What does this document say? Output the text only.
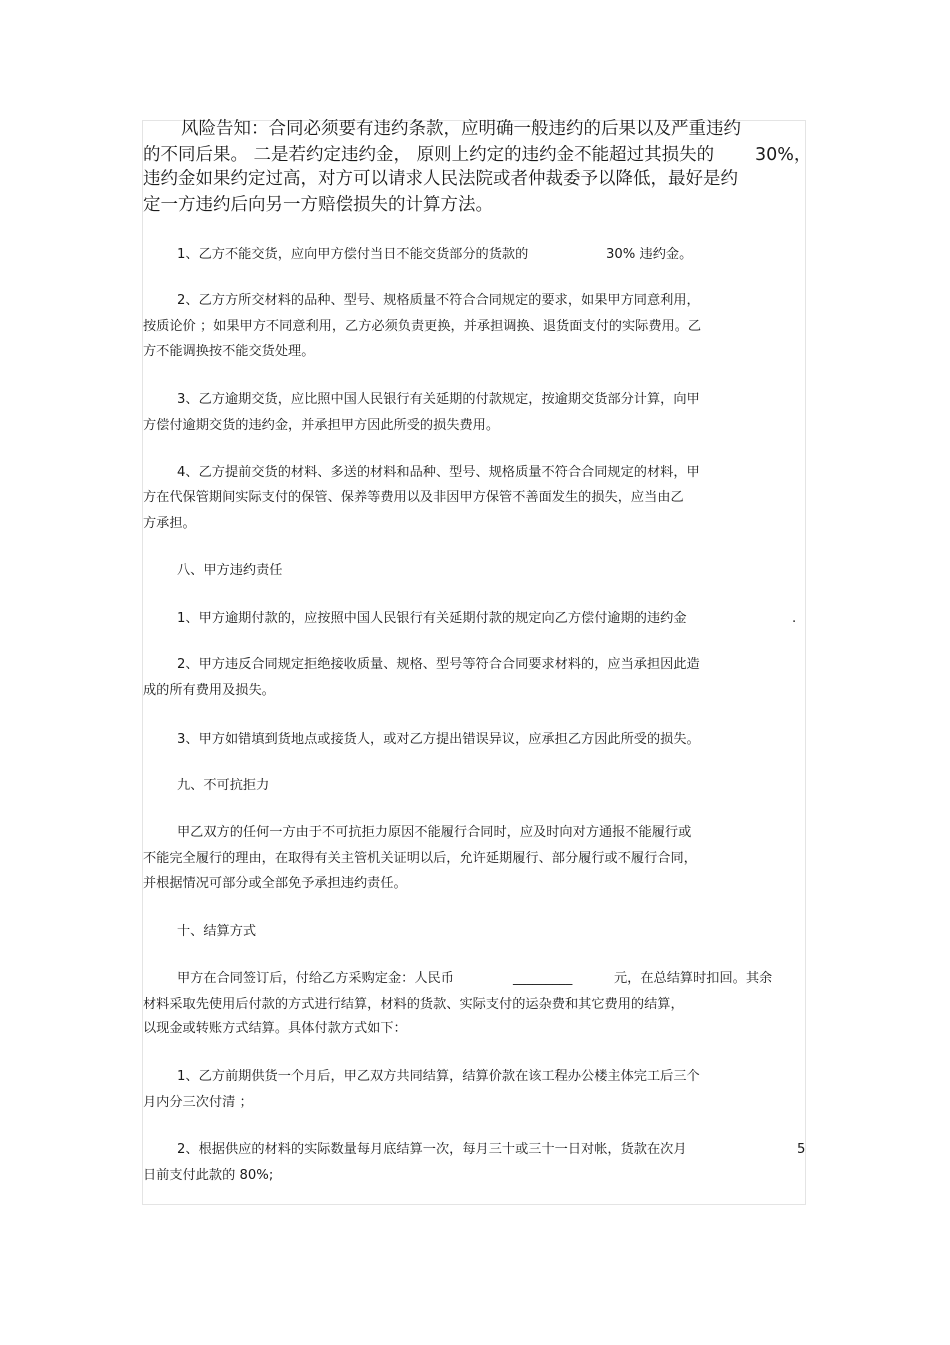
风险告知：合同必须要有违约条款，应明确一般违约的后果以及严重违约
的不同后果。 二是若约定违约金， 原则上约定的违约金不能超过其损失的 30%，
违约金如果约定过高，对方可以请求人民法院或者仲裁委予以降低，最好是约
定一方违约后向另一方赔偿损失的计算方法。
1、乙方不能交货，应向甲方偿付当日不能交货部分的货款的	30% 违约金。
2、乙方方所交材料的品种、型号、规格质量不符合合同规定的要求，如果甲方同意利用，
按质论价 ；如果甲方不同意利用，乙方必须负责更换，并承担调换、退货面支付的实际费用。乙
方不能调换按不能交货处理。
3、乙方逾期交货，应比照中国人民银行有关延期的付款规定，按逾期交货部分计算，向甲
方偿付逾期交货的违约金，并承担甲方因此所受的损失费用。
4、乙方提前交货的材料、多送的材料和品种、型号、规格质量不符合合同规定的材料，甲
方在代保管期间实际支付的保管、保养等费用以及非因甲方保管不善面发生的损失，应当由乙
方承担。
八、甲方违约责任
1、甲方逾期付款的，应按照中国人民银行有关延期付款的规定向乙方偿付逾期的违约金	.
2、甲方违反合同规定拒绝接收质量、规格、型号等符合合同要求材料的，应当承担因此造
成的所有费用及损失。
3、甲方如错填到货地点或接货人，或对乙方提出错误异议，应承担乙方因此所受的损失。
九、不可抗拒力
甲乙双方的任何一方由于不可抗拒力原因不能履行合同时，应及时向对方通报不能履行或
不能完全履行的理由，在取得有关主管机关证明以后，允许延期履行、部分履行或不履行合同，
并根据情况可部分或全部免予承担违约责任。
十、结算方式
甲方在合同签订后，付给乙方采购定金：人民币	_________	元，在总结算时扣回。其余
材料采取先使用后付款的方式进行结算，材料的货款、实际支付的运杂费和其它费用的结算，
以现金或转账方式结算。具体付款方式如下：
1、乙方前期供货一个月后，甲乙双方共同结算，结算价款在该工程办公楼主体完工后三个
月内分三次付清 ；
2、根据供应的材料的实际数量每月底结算一次，每月三十或三十一日对帐，货款在次月	5
日前支付此款的 80%;
